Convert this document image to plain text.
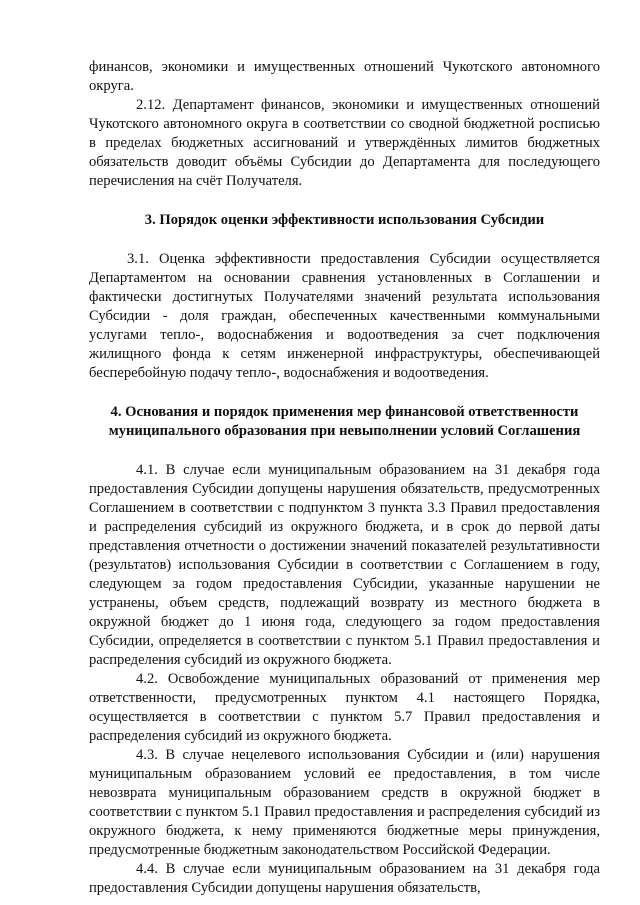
финансов, экономики и имущественных отношений Чукотского автономного округа.

2.12. Департамент финансов, экономики и имущественных отношений Чукотского автономного округа в соответствии со сводной бюджетной росписью в пределах бюджетных ассигнований и утверждённых лимитов бюджетных обязательств доводит объёмы Субсидии до Департамента для последующего перечисления на счёт Получателя.

3. Порядок оценки эффективности использования Субсидии

3.1. Оценка эффективности предоставления Субсидии осуществляется Департаментом на основании сравнения установленных в Соглашении и фактически достигнутых Получателями значений результата использования Субсидии - доля граждан, обеспеченных качественными коммунальными услугами тепло-, водоснабжения и водоотведения за счет подключения жилищного фонда к сетям инженерной инфраструктуры, обеспечивающей бесперебойную подачу тепло-, водоснабжения и водоотведения.

4. Основания и порядок применения мер финансовой ответственности муниципального образования при невыполнении условий Соглашения

4.1. В случае если муниципальным образованием на 31 декабря года предоставления Субсидии допущены нарушения обязательств, предусмотренных Соглашением в соответствии с подпунктом 3 пункта 3.3 Правил предоставления и распределения субсидий из окружного бюджета, и в срок до первой даты представления отчетности о достижении значений показателей результативности (результатов) использования Субсидии в соответствии с Соглашением в году, следующем за годом предоставления Субсидии, указанные нарушении не устранены, объем средств, подлежащий возврату из местного бюджета в окружной бюджет до 1 июня года, следующего за годом предоставления Субсидии, определяется в соответствии с пунктом 5.1 Правил предоставления и распределения субсидий из окружного бюджета.

4.2. Освобождение муниципальных образований от применения мер ответственности, предусмотренных пунктом 4.1 настоящего Порядка, осуществляется в соответствии с пунктом 5.7 Правил предоставления и распределения субсидий из окружного бюджета.

4.3. В случае нецелевого использования Субсидии и (или) нарушения муниципальным образованием условий ее предоставления, в том числе невозврата муниципальным образованием средств в окружной бюджет в соответствии с пунктом 5.1 Правил предоставления и распределения субсидий из окружного бюджета, к нему применяются бюджетные меры принуждения, предусмотренные бюджетным законодательством Российской Федерации.

4.4. В случае если муниципальным образованием на 31 декабря года предоставления Субсидии допущены нарушения обязательств,
